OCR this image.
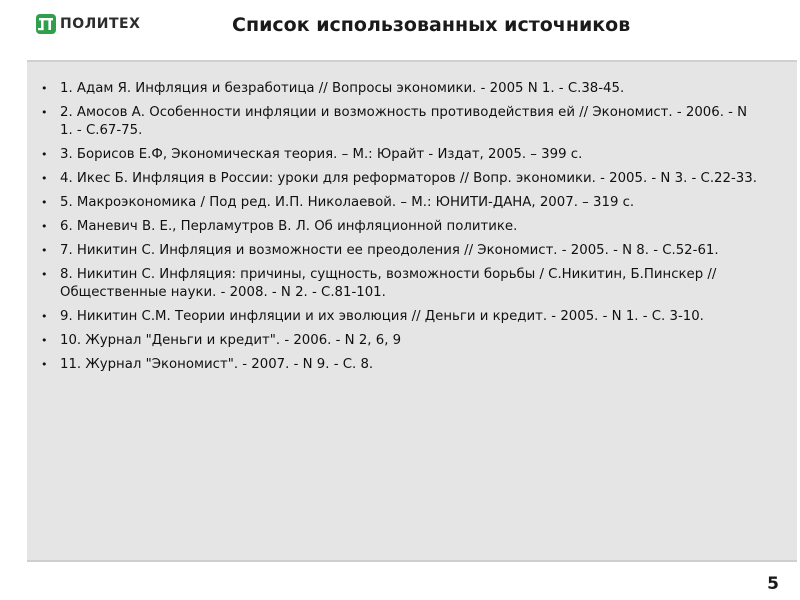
ПОЛИТЕХ	Список использованных источников
• 1. Адам Я. Инфляция и безработица // Вопросы экономики. - 2005 N 1. - С.38-45.
• 2. Амосов А. Особенности инфляции и возможность противодействия ей // Экономист. - 2006. - N 1. - С.67-75.
• 3. Борисов Е.Ф, Экономическая теория. – М.: Юрайт - Издат, 2005. – 399 с.
• 4. Икес Б. Инфляция в России: уроки для реформаторов // Вопр. экономики. - 2005. - N 3. - С.22-33.
• 5. Макроэкономика / Под ред. И.П. Николаевой. – М.: ЮНИТИ-ДАНА, 2007. – 319 с.
• 6. Маневич В. Е., Перламутров В. Л. Об инфляционной политике.
• 7. Никитин С. Инфляция и возможности ее преодоления // Экономист. - 2005. - N 8. - С.52-61.
• 8. Никитин С. Инфляция: причины, сущность, возможности борьбы / С.Никитин, Б.Пинскер // Общественные науки. - 2008. - N 2. - С.81-101.
• 9. Никитин С.М. Теории инфляции и их эволюция // Деньги и кредит. - 2005. - N 1. - С. 3-10.
• 10. Журнал "Деньги и кредит". - 2006. - N 2, 6, 9
• 11. Журнал "Экономист". - 2007. - N 9. - С. 8.
5
